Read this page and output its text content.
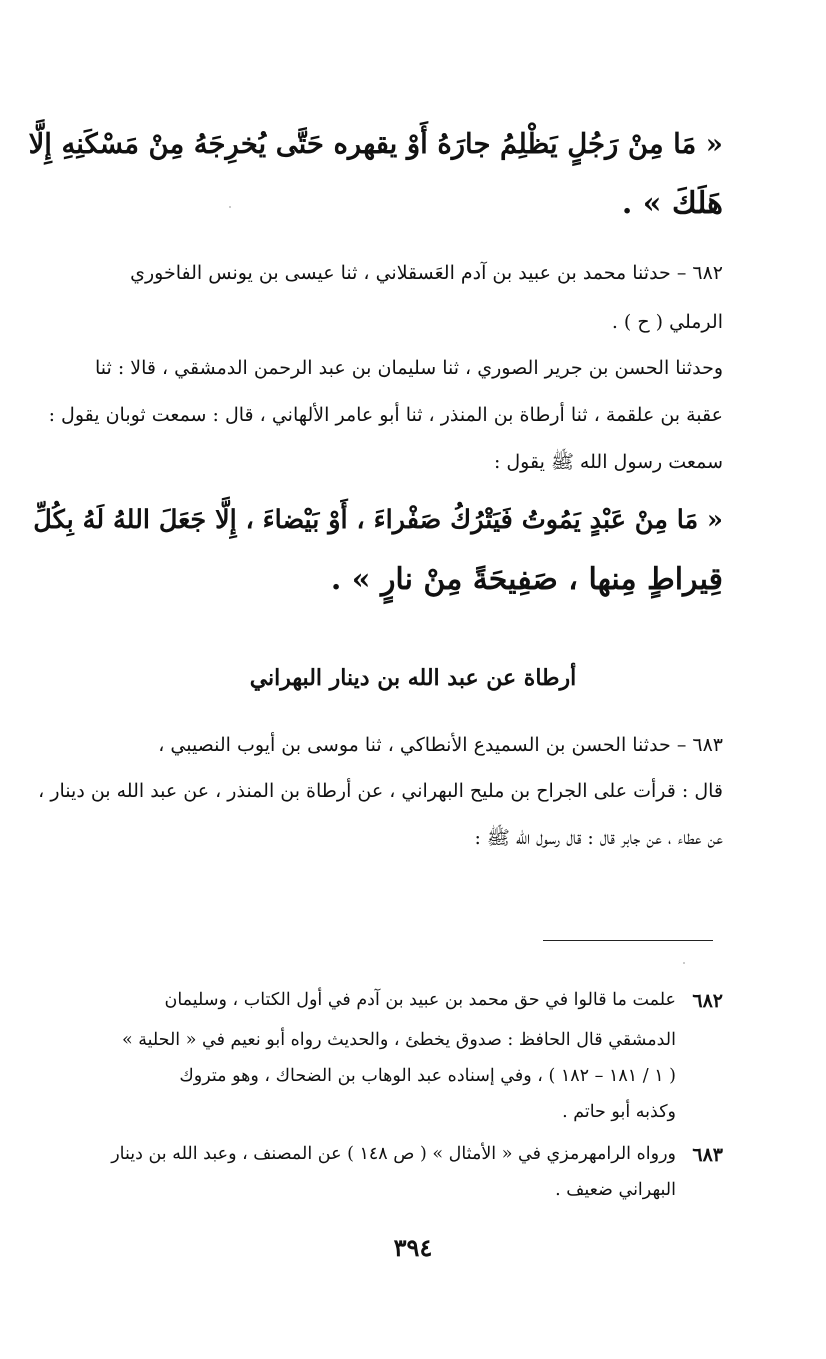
« مَا مِنْ رَجُلٍ يَظْلِمُ جارَهُ أَوْ يقهره حَتَّى يُخرِجَهُ مِنْ مَسْكَنِهِ إِلَّا

هَلَكَ » .

٦٨٢ – حدثنا محمد بن عبيد بن آدم العَسقلاني ، ثنا عيسى بن يونس الفاخوري

الرملي ( ح ) .

وحدثنا الحسن بن جرير الصوري ، ثنا سليمان بن عبد الرحمن الدمشقي ، قالا : ثنا

عقبة بن علقمة ، ثنا أرطاة بن المنذر ، ثنا أبو عامر الألهاني ، قال : سمعت ثوبان يقول :

سمعت رسول الله ﷺ يقول :

« مَا مِنْ عَبْدٍ يَمُوتُ فَيَتْرُكُ صَفْراءَ ، أَوْ بَيْضاءَ ، إِلَّا جَعَلَ اللهُ لَهُ بِكُلِّ

قِيراطٍ مِنها ، صَفِيحَةً مِنْ نارٍ » .

أرطاة عن عبد الله بن دينار البهراني

٦٨٣ – حدثنا الحسن بن السميدع الأنطاكي ، ثنا موسى بن أيوب النصيبي ،

قال : قرأت على الجراح بن مليح البهراني ، عن أرطاة بن المنذر ، عن عبد الله بن دينار ،

عن عطاء ، عن جابر قال : قال رسول الله ﷺ :

٦٨٢

علمت ما قالوا في حق محمد بن عبيد بن آدم في أول الكتاب ، وسليمان

الدمشقي قال الحافظ : صدوق يخطئ ، والحديث رواه أبو نعيم في « الحلية »

( ١ / ١٨١ – ١٨٢ ) ، وفي إسناده عبد الوهاب بن الضحاك ، وهو متروك

وكذبه أبو حاتم .

٦٨٣

ورواه الرامهرمزي في « الأمثال » ( ص ١٤٨ ) عن المصنف ، وعبد الله بن دينار

البهراني ضعيف .

٣٩٤
